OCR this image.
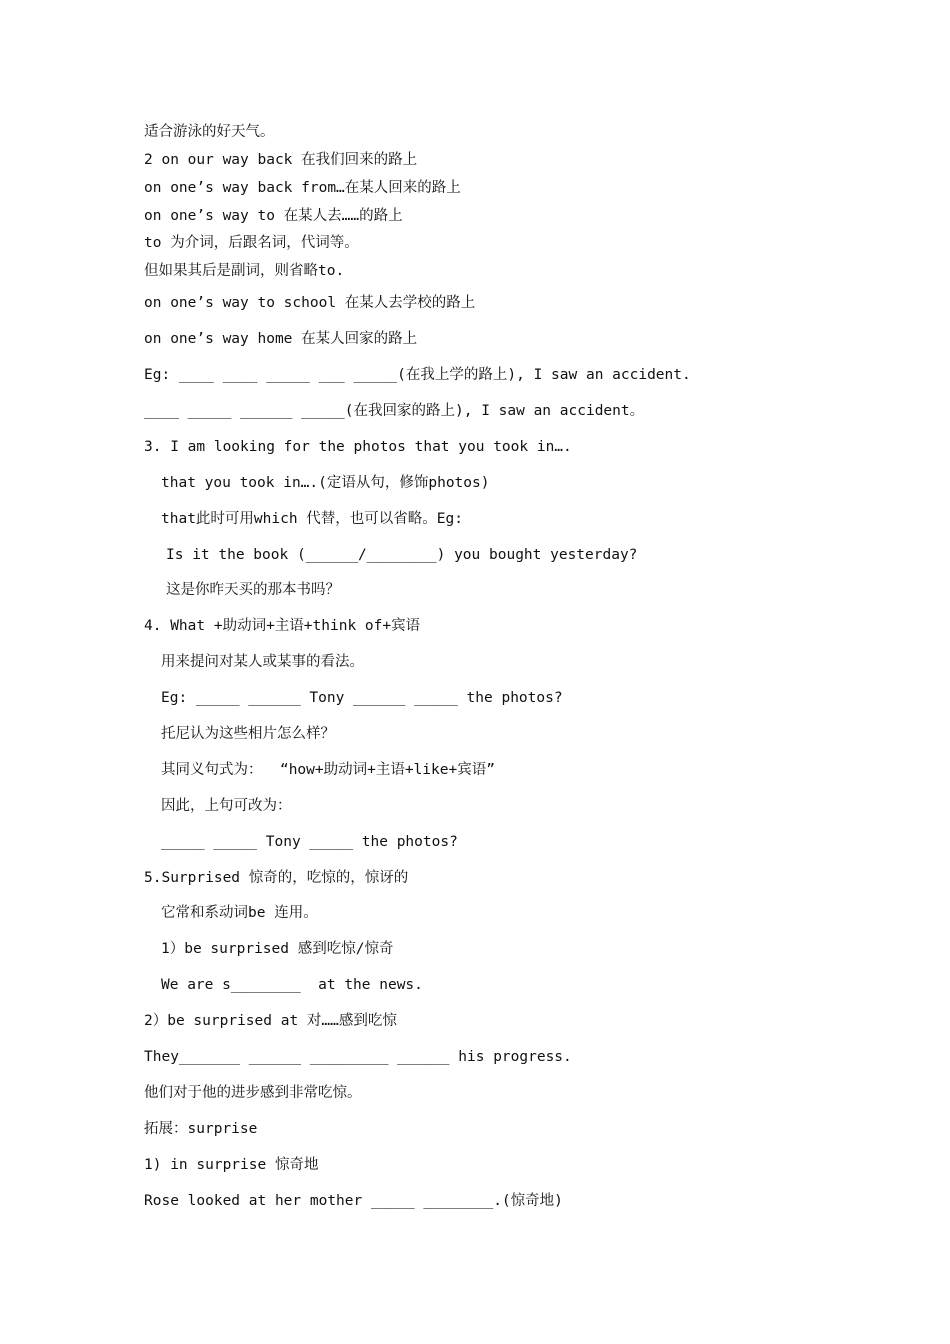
适合游泳的好天气。
2 on our way back 在我们回来的路上
on one’s way back from…在某人回来的路上
on one’s way to 在某人去……的路上
to 为介词，后跟名词，代词等。
但如果其后是副词，则省略to.
on one’s way to school 在某人去学校的路上
on one’s way home 在某人回家的路上
Eg: ____ ____ _____ ___ _____(在我上学的路上), I saw an accident.
____ _____ ______ _____(在我回家的路上), I saw an accident。
3. I am looking for the photos that you took in….
that you took in….(定语从句，修饰photos)
that此时可用which 代替，也可以省略。Eg:
Is it the book (______/________) you bought yesterday?
这是你昨天买的那本书吗？
4. What +助动词+主语+think of+宾语
用来提问对某人或某事的看法。
Eg: _____ ______ Tony ______ _____ the photos?
托尼认为这些相片怎么样？
其同义句式为：  “how+助动词+主语+like+宾语”
因此，上句可改为：
_____ _____ Tony _____ the photos?
5.Surprised 惊奇的，吃惊的，惊讶的
它常和系动词be 连用。
1）be surprised 感到吃惊/惊奇
We are s________  at the news.
2）be surprised at 对……感到吃惊
They_______ ______ _________ ______ his progress.
他们对于他的进步感到非常吃惊。
拓展：surprise
1) in surprise 惊奇地
Rose looked at her mother _____ ________.(惊奇地)
